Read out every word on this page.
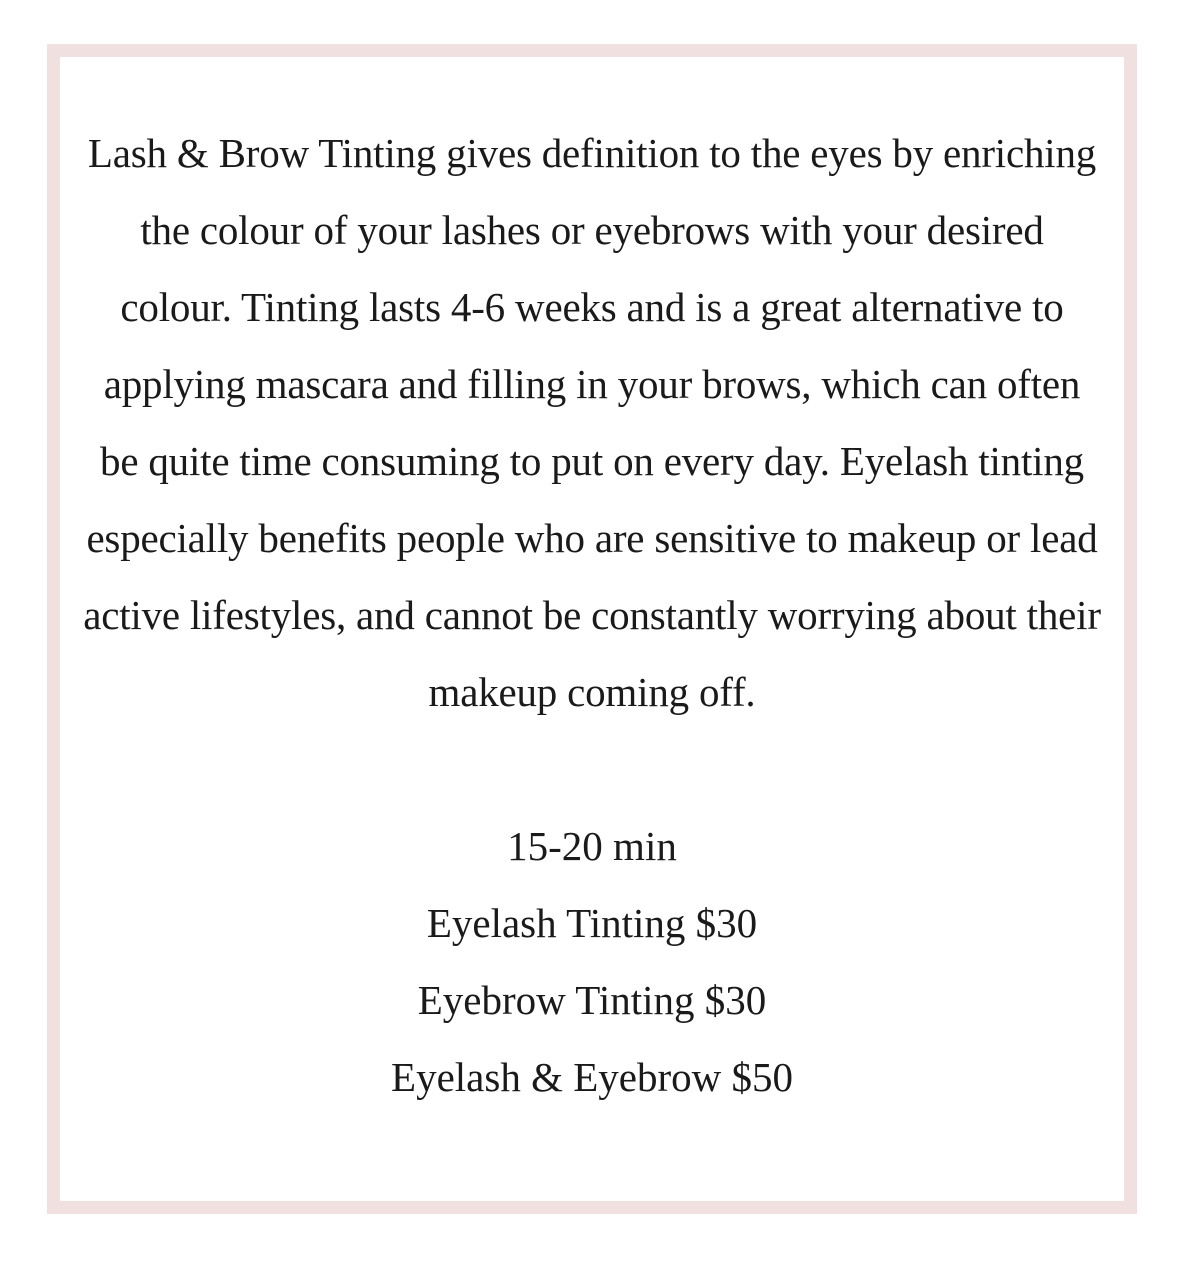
Lash & Brow Tinting gives definition to the eyes by enriching the colour of your lashes or eyebrows with your desired colour. Tinting lasts 4-6 weeks and is a great alternative to applying mascara and filling in your brows, which can often be quite time consuming to put on every day. Eyelash tinting especially benefits people who are sensitive to makeup or lead active lifestyles, and cannot be constantly worrying about their makeup coming off.

15-20 min
Eyelash Tinting $30
Eyebrow Tinting $30
Eyelash & Eyebrow $50
